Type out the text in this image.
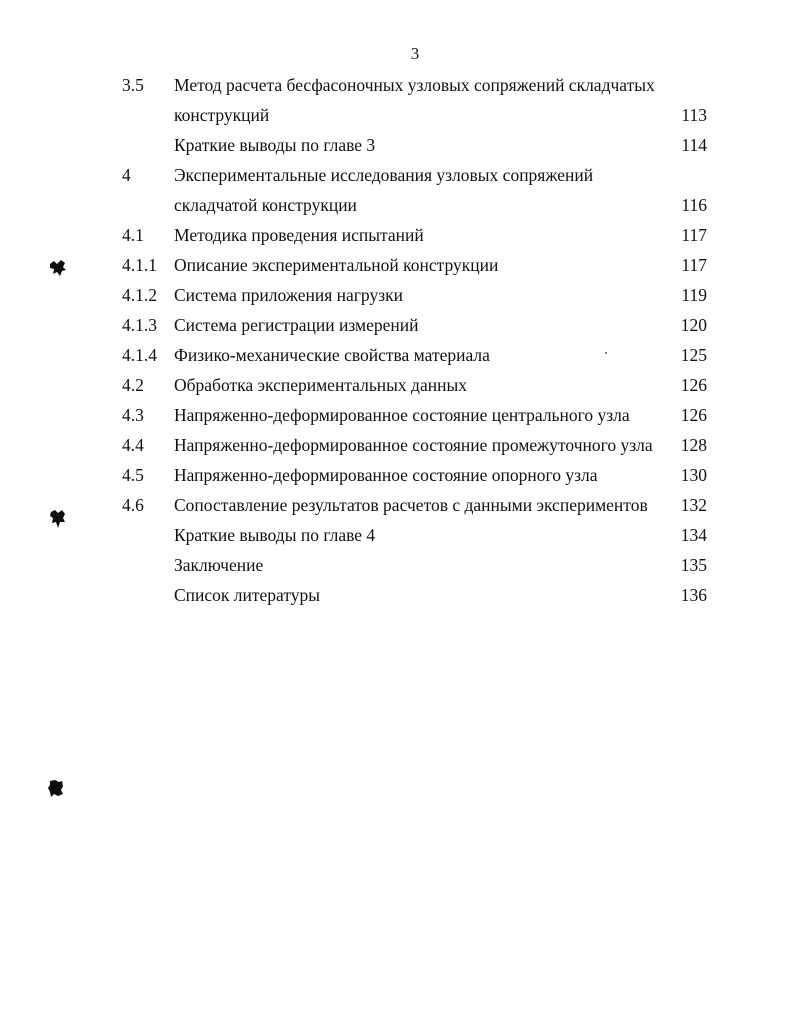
3
3.5 Метод расчета бесфасоночных узловых сопряжений складчатых
конструкций	113
Краткие выводы по главе 3	114
4 Экспериментальные исследования узловых сопряжений
складчатой конструкции	116
4.1 Методика проведения испытаний	117
4.1.1 Описание экспериментальной конструкции	117
4.1.2 Система приложения нагрузки	119
4.1.3 Система регистрации измерений	120
4.1.4 Физико-механические свойства материала	125
4.2 Обработка экспериментальных данных	126
4.3 Напряженно-деформированное состояние центрального узла	126
4.4 Напряженно-деформированное состояние промежуточного узла 128
4.5 Напряженно-деформированное состояние опорного узла	130
4.6 Сопоставление результатов расчетов с данными экспериментов 132
Краткие выводы по главе 4	134
Заключение	135
Список литературы	136
